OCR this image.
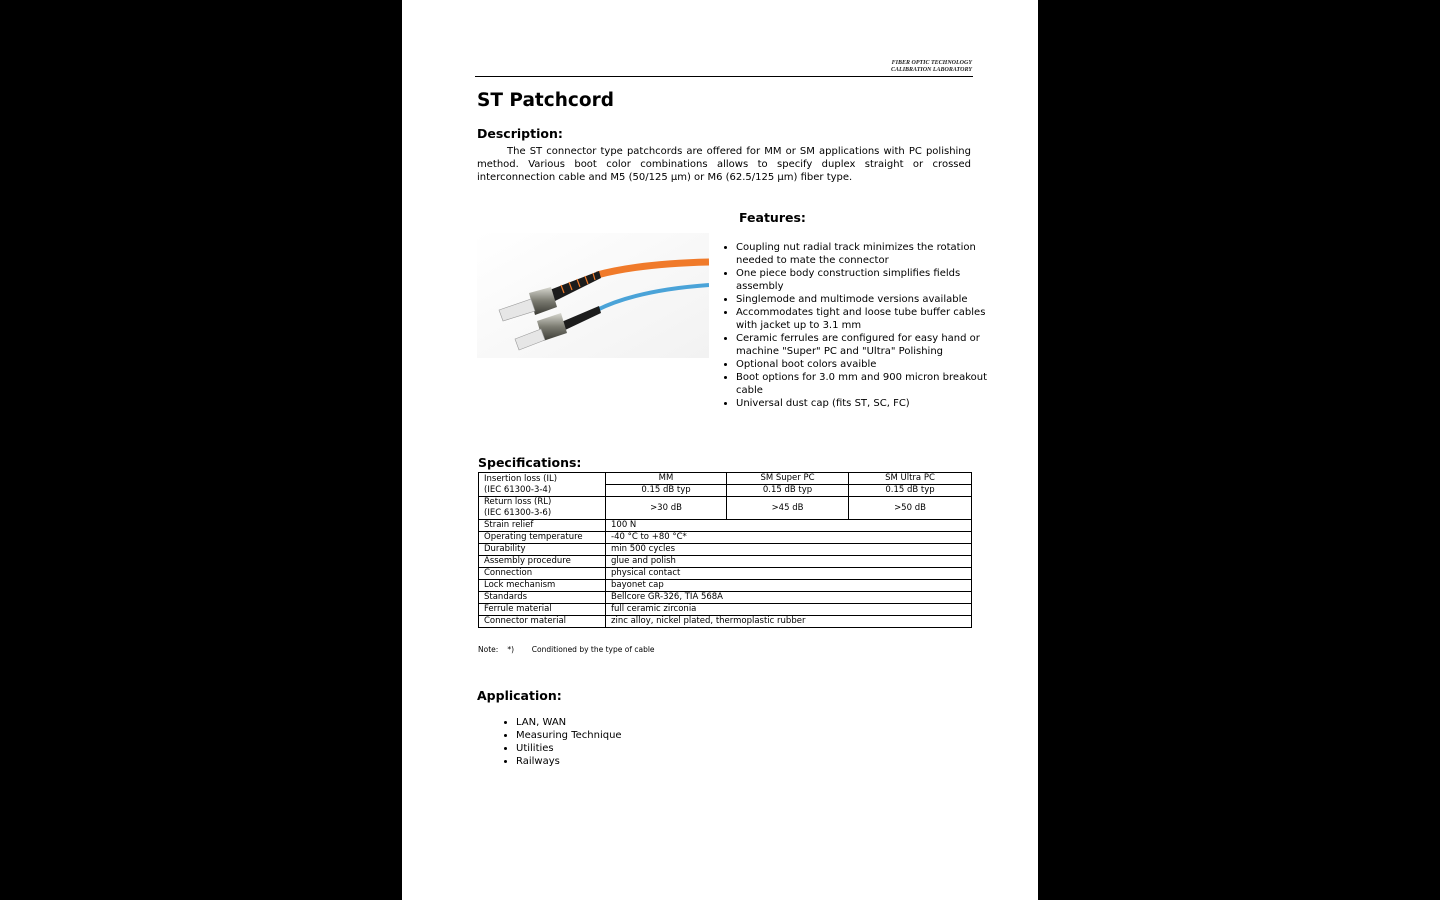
FIBER OPTIC TECHNOLOGY
CALIBRATION LABORATORY
ST Patchcord
Description:

The ST connector type patchcords are offered for MM or SM applications with PC polishing method. Various boot color combinations allows to specify duplex straight or crossed interconnection cable and M5 (50/125 µm) or M6 (62.5/125 µm) fiber type.

Features:
• Coupling nut radial track minimizes the rotation needed to mate the connector
• One piece body construction simplifies fields assembly
• Singlemode and multimode versions available
• Accommodates tight and loose tube buffer cables with jacket up to 3.1 mm
• Ceramic ferrules are configured for easy hand or machine "Super" PC and "Ultra" Polishing
• Optional boot colors avaible
• Boot options for 3.0 mm and 900 micron breakout cable
• Universal dust cap (fits ST, SC, FC)
Specifications:
Insertion loss (IL)
(IEC 61300-3-4)	MM	SM Super PC	SM Ultra PC
	0.15 dB typ	0.15 dB typ	0.15 dB typ

Return loss (RL)
(IEC 61300-3-6)	>30 dB	>45 dB	>50 dB
Strain relief	100 N		
Operating temperature	-40 °C to +80 °C*		
Durability	min 500 cycles		
Assembly procedure	glue and polish		
Connection	physical contact		
Lock mechanism	bayonet cap		
Standards	Bellcore GR-326, TIA 568A		
Ferrule material	full ceramic zirconia		
Connector material	zinc alloy, nickel plated, thermoplastic rubber		
Note: *) Conditioned by the type of cable
Application:
• LAN, WAN
• Measuring Technique
• Utilities
• Railways
